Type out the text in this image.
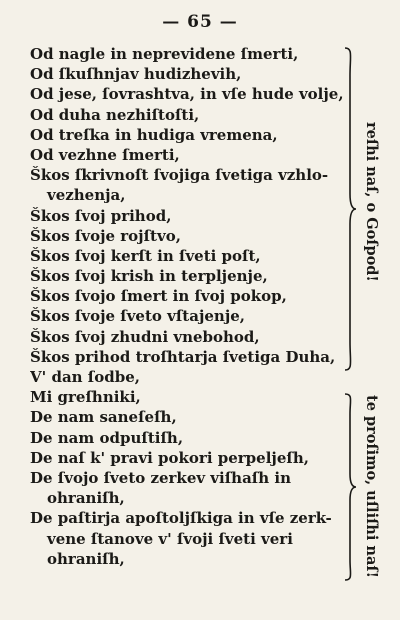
— 65 —
Od nagle in neprevidene ſmerti,
Od ſkuſhnjav hudizhevih,
Od jese, ſovrashtva, in vſe hude volje,
Od duha nezhiſtoſti,
Od treſka in hudiga vremena,
Od vezhne ſmerti,
Škos ſkrivnoſt ſvojiga ſvetiga vzhlo-
vezhenja,
Škos ſvoj prihod,
Škos ſvoje rojſtvo,
Škos ſvoj kerſt in ſveti poſt,
Škos ſvoj krish in terpljenje,
Škos ſvojo ſmert in ſvoj pokop,
Škos ſvoje ſveto vſtajenje,
Škos ſvoj zhudni vnebohod,
Škos prihod troſhtarja ſvetiga Duha,
V' dan ſodbe,
Mi greſhniki,
De nam saneſeſh,
De nam odpuſtiſh,
De naſ k' pravi pokori perpeljeſh,
De ſvojo ſveto zerkev viſhaſh in
ohraniſh,
De paſtirja apoſtoljſkiga in vſe zerk-
vene ſtanove v' ſvoji ſveti veri
ohraniſh,
reſhi naſ, o Goſpod!
te proſimo, uſliſhi naſ!
